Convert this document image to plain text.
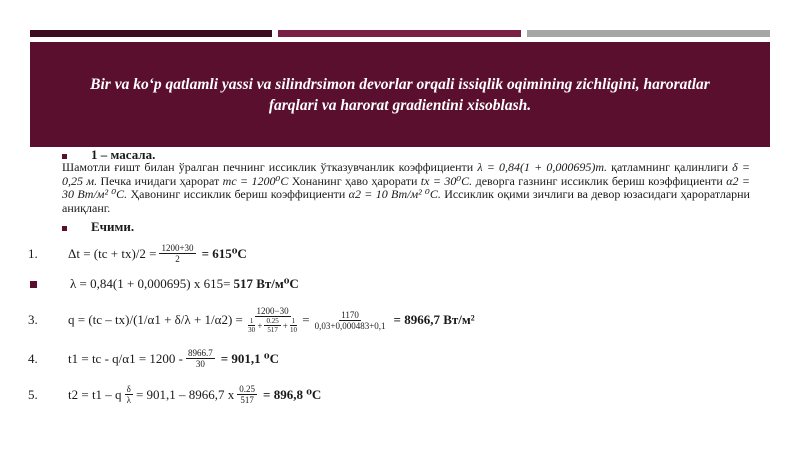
Bir va ko‘p qatlamli yassi va silindrsimon devorlar orqali issiqlik oqimining zichligini, haroratlar farqlari va harorat gradientini xisoblash.
1 – масала.
Шамотли ғишт билан ўралган печнинг иссиклик ўтказувчанлик коэффициенти λ = 0,84(1 + 0,000695)m. қатламнинг қалинлиги δ = 0,25 м. Печка ичидаги ҳарорат mс = 1200⁰C Хонанинг ҳаво ҳарорати tx = 30⁰C. деворга газнинг иссиклик бериш коэффициенти α2 = 30 Вт/м² ⁰C. Ҳавонинг иссиклик бериш коэффициенти α2 = 10 Вт/м² ⁰C. Иссиклик оқими зичлиги ва девор юзасидаги ҳароратларни аниқланг.
Ечими.
1.	$\Delta t = (tс + tх)/2 = \frac{1200+30}{2} = 615^0C$
λ = 0,84(1 + 0,000695) x 615= 517 Вт/м⁰C
3.	$q = (tс - tх)/(1/\alpha 1 + \delta/\lambda + 1/\alpha 2) = \frac{1200-30}{\frac{1}{30} + \frac{0.25}{517} + \frac{1}{10}} = \frac{1170}{0,03+0,000483+0,1} = 8966,7$ Вт/м²
4.	t1 = tс - $q/\alpha 1 = 1200 - \frac{8966.7}{30} = 901,1$ ⁰C
5.	t2 = t1 – q $\frac{\delta}{\lambda} = 901,1 - 8966,7$ x $\frac{0.25}{517} = 896,8$ ⁰C
